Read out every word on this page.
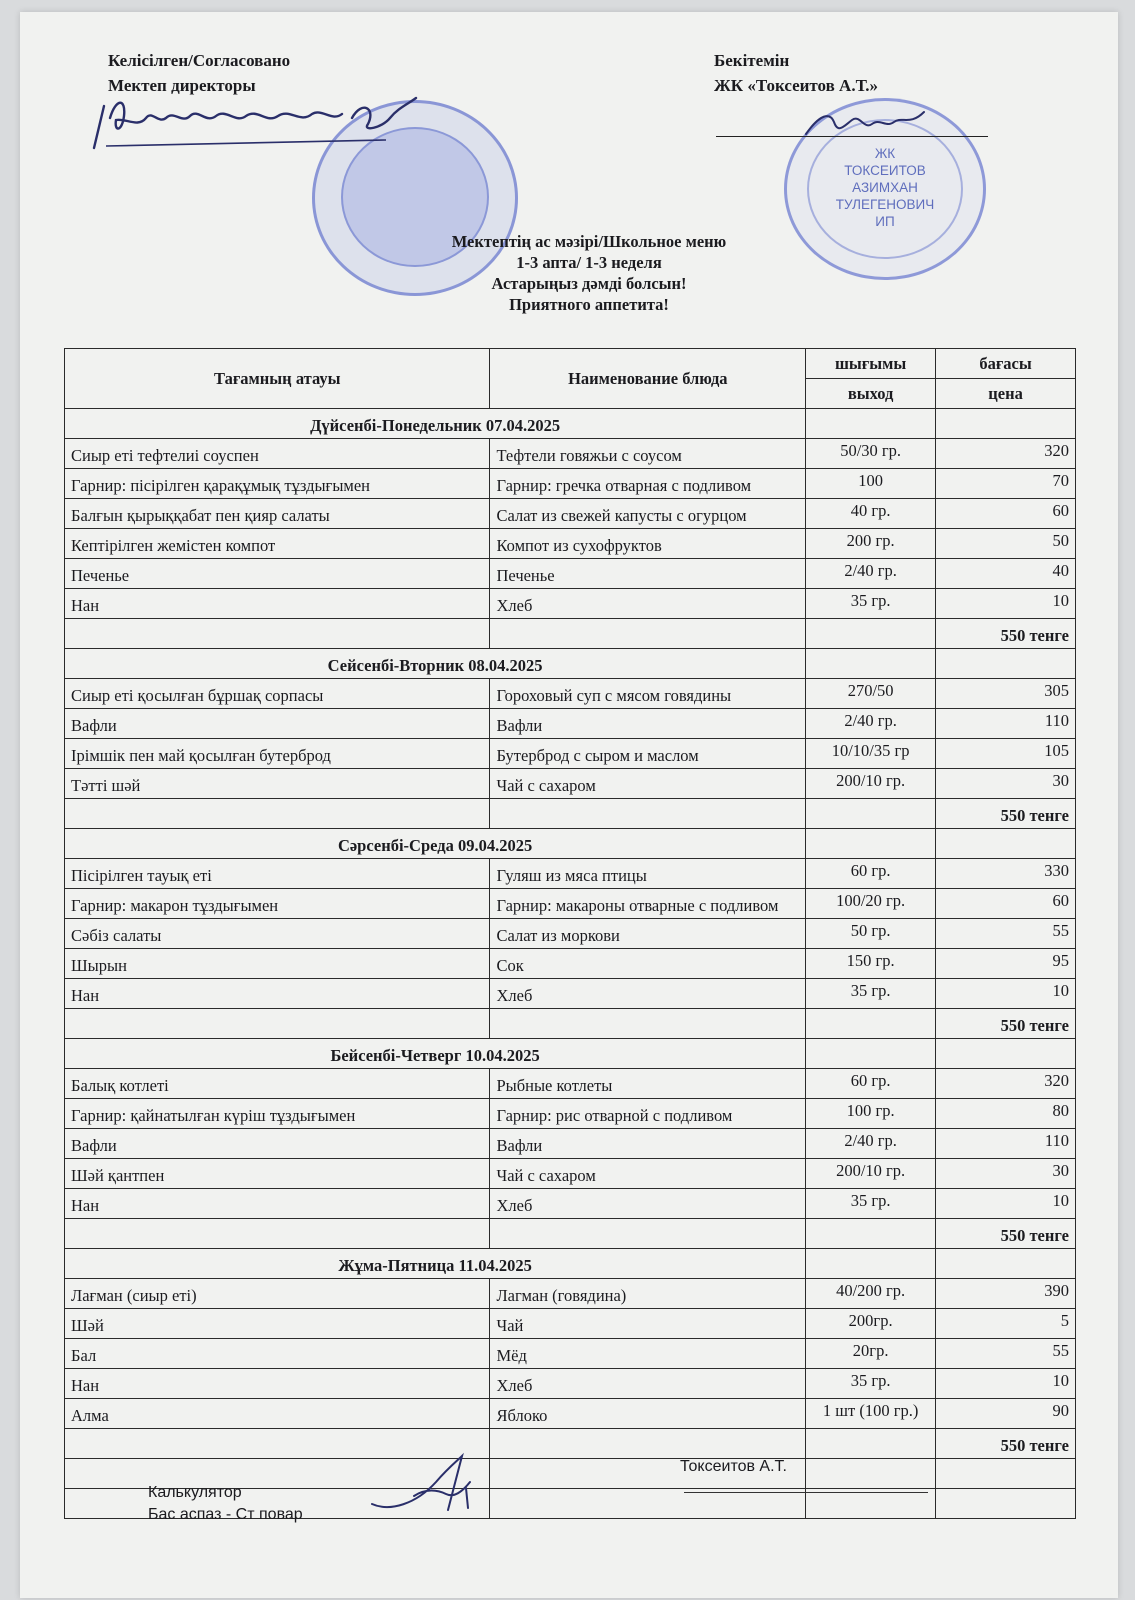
Келісілген/Согласовано
Мектеп директоры
Бекітемін
ЖК «Токсеитов А.Т.»
ЖК
ТОКСЕИТОВ
АЗИМХАН
ТУЛЕГЕНОВИЧ
ИП
Мектептің ас мәзірі/Школьное меню
1-3 апта/ 1-3 неделя
Астарыңыз дәмді болсын!
Приятного аппетита!
Тағамның атауы	Наименование блюда	шығымы	бағасы
		выход	цена
Дүйсенбі-Понедельник 07.04.2025			
Сиыр еті тефтелиі соуспен	Тефтели говяжьи с соусом	50/30 гр.	320
Гарнир: пісірілген қарақұмық тұздығымен	Гарнир: гречка отварная с подливом	100	70
Балғын қырыққабат пен қияр салаты	Салат из свежей капусты с огурцом	40 гр.	60
Кептірілген жемістен компот	Компот из сухофруктов	200 гр.	50
Печенье	Печенье	2/40 гр.	40
Нан	Хлеб	35 гр.	10
			550 тенге
Сейсенбі-Вторник 08.04.2025			
Сиыр еті қосылған бұршақ сорпасы	Гороховый суп с мясом говядины	270/50	305
Вафли	Вафли	2/40 гр.	110
Ірімшік пен май қосылған бутерброд	Бутерброд с сыром и маслом	10/10/35 гр	105
Тәтті шәй	Чай с сахаром	200/10 гр.	30
			550 тенге
Сәрсенбі-Среда 09.04.2025			
Пісірілген тауық еті	Гуляш из мяса птицы	60 гр.	330
Гарнир: макарон тұздығымен	Гарнир: макароны отварные с подливом	100/20 гр.	60
Сәбіз салаты	Салат из моркови	50 гр.	55
Шырын	Сок	150 гр.	95
Нан	Хлеб	35 гр.	10
			550 тенге
Бейсенбі-Четверг 10.04.2025			
Балық котлеті	Рыбные котлеты	60 гр.	320
Гарнир: қайнатылған күріш тұздығымен	Гарнир: рис отварной с подливом	100 гр.	80
Вафли	Вафли	2/40 гр.	110
Шәй қантпен	Чай с сахаром	200/10 гр.	30
Нан	Хлеб	35 гр.	10
			550 тенге
Жұма-Пятница 11.04.2025			
Лағман (сиыр еті)	Лагман (говядина)	40/200 гр.	390
Шәй	Чай	200гр.	5
Бал	Мёд	20гр.	55
Нан	Хлеб	35 гр.	10
Алма	Яблоко	1 шт (100 гр.)	90
			550 тенге

Калькулятор
Бас аспаз - Ст повар
Токсеитов А.Т.
